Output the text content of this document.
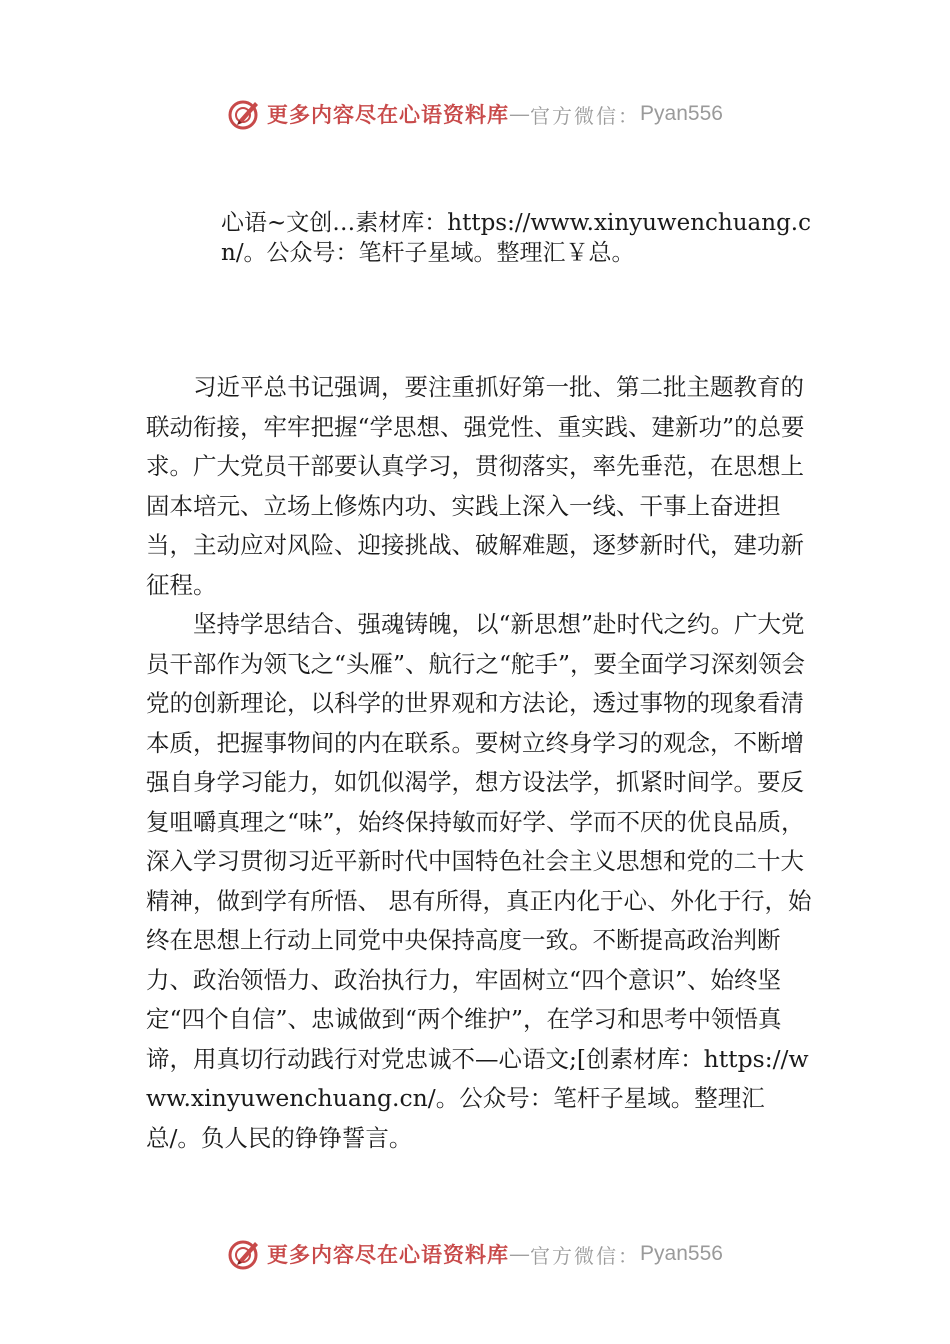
更多内容尽在心语资料库 — 官方微信： Pyan556

心语~文创…素材库：https://www.xinyuwenchuang.cn/。公众号：笔杆子星域。整理汇￥总。

习近平总书记强调，要注重抓好第一批、第二批主题教育的联动衔接，牢牢把握“学思想、强党性、重实践、建新功”的总要求。广大党员干部要认真学习，贯彻落实，率先垂范，在思想上固本培元、立场上修炼内功、实践上深入一线、干事上奋进担当，主动应对风险、迎接挑战、破解难题，逐梦新时代，建功新征程。

坚持学思结合、强魂铸魄，以“新思想”赴时代之约。广大党员干部作为领飞之“头雁”、航行之“舵手”，要全面学习深刻领会党的创新理论，以科学的世界观和方法论，透过事物的现象看清本质，把握事物间的内在联系。要树立终身学习的观念，不断增强自身学习能力，如饥似渴学，想方设法学，抓紧时间学。要反复咀嚼真理之“味”，始终保持敏而好学、学而不厌的优良品质，深入学习贯彻习近平新时代中国特色社会主义思想和党的二十大精神，做到学有所悟、 思有所得，真正内化于心、外化于行，始终在思想上行动上同党中央保持高度一致。不断提高政治判断力、政治领悟力、政治执行力，牢固树立“四个意识”、始终坚定“四个自信”、忠诚做到“两个维护”，在学习和思考中领悟真谛，用真切行动践行对党忠诚不—心语文;[创素材库：https://www.xinyuwenchuang.cn/。公众号：笔杆子星域。整理汇总/。负人民的铮铮誓言。

更多内容尽在心语资料库 — 官方微信： Pyan556
